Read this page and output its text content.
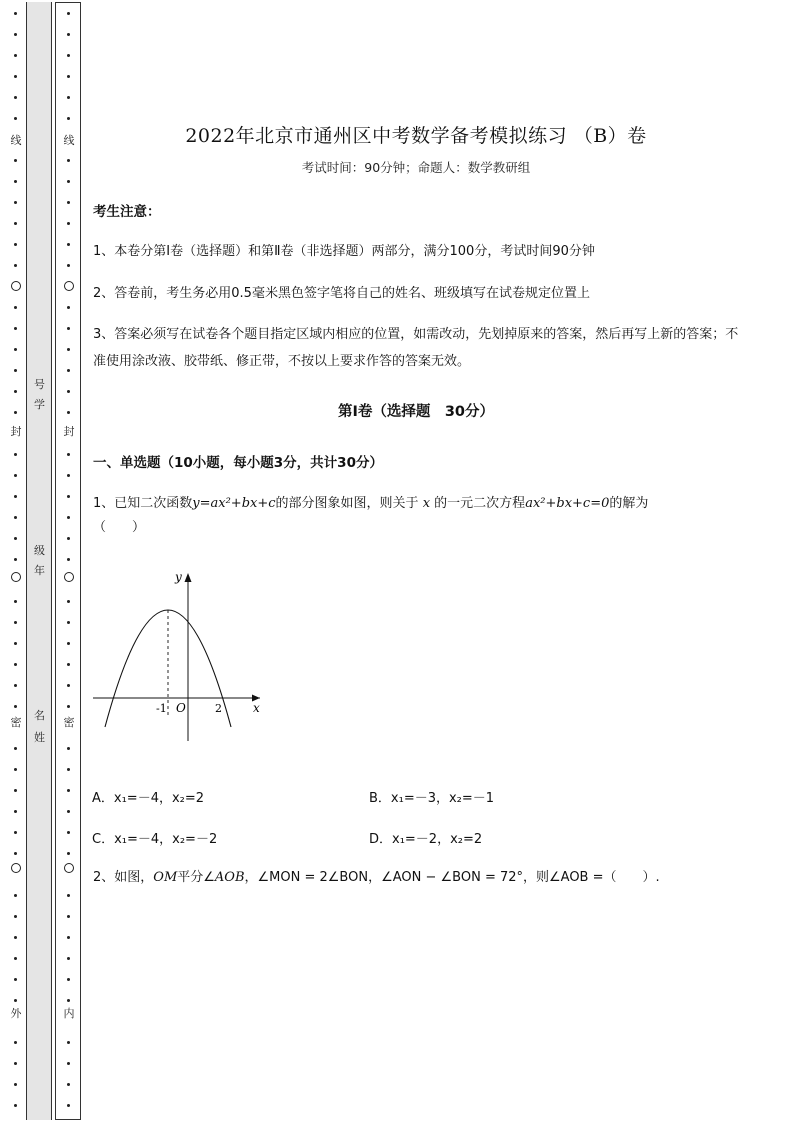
线
封
密
外
线
封
密
内
号
学
级
年
名
姓
2022年北京市通州区中考数学备考模拟练习 （B）卷
考试时间：90分钟；命题人：数学教研组
考生注意：
1、本卷分第I卷（选择题）和第Ⅱ卷（非选择题）两部分，满分100分，考试时间90分钟
2、答卷前，考生务必用0.5毫米黑色签字笔将自己的姓名、班级填写在试卷规定位置上
3、答案必须写在试卷各个题目指定区域内相应的位置，如需改动，先划掉原来的答案，然后再写上新的答案；不准使用涂改液、胶带纸、修正带，不按以上要求作答的答案无效。
第I卷（选择题　30分）
一、单选题（10小题，每小题3分，共计30分）
1、已知二次函数y=ax²+bx+c的部分图象如图，则关于 x 的一元二次方程ax²+bx+c=0的解为
（　　）
y
x
O
-1	2
A．x₁=－4，x₂=2	B．x₁=－3，x₂=－1
C．x₁=－4，x₂=－2	D．x₁=－2，x₂=2
2、如图，OM平分∠AOB，∠MON = 2∠BON，∠AON − ∠BON = 72°，则∠AOB =（　　）.
